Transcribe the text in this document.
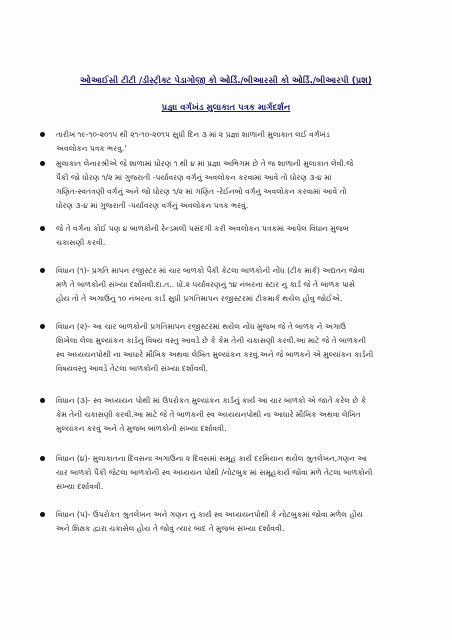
ઓઆઈસી ટીટી /ડીસ્ટ્રીક્ટ પેડાગોજી કો ઓર્ડિ./બીઆરસી કો ઓર્ડિ./બીઆરપી (પ્રશ)
પ્રજ્ઞા વર્ગખંડ મુલાકાત પત્રક માર્ગદર્શન
તારીખ ૧૯-૧૦-૨૦૧૫ થી ૨૧-૧૦-૨૦૧૫ સુધી દિન ૩ માં ૨ પ્રજ્ઞા શાળાની મુલાકાત લઈ વર્ગખંડ
અવલોકન પત્રક ભરવુ.'
મુલાકાત લેનારશ્રીએ જે શાળામાં ધોરણ ૧ થી ૪ માં પ્રજ્ઞા અભિગમ છે તે જ શાળાની મુલાકાત લેવી.જે
પૈકી જો ધોરણ ૧/૨ માં ગુજરાતી -પર્યાવરણ વર્ગનું અવલોકન કરવામાં આવે તો ધોરણ ૩-૪ માં
ગણિત-સ્વતંત્રણી વર્ગનું અને જો ધોરણ ૧/૨ માં ગણિત -રેઈનબો વર્ગનું અવલોકન કરવામાં આવે તો
ધોરણ ૩-૪ માં ગુજરાતી -પર્યાવરણ વર્ગનું અવલોકન પત્રક ભરવું.
જે તે વર્ગના કોઈ પણ ૪ બાળકોની રેન્ડમલી પસંદગી કરી અવલોકન પત્રકમાં આપેલ વિધાન મુજબ
ચકાસણી કરવી.
વિધાન (૧)- પ્રગતિ માપન રજીસ્ટર માં ચાર બાળકો પૈકી કેટલા બાળકોની નોંધ (ટીક માર્ક) અદ્યતન જોવા
મળે તે બાળકોની સંખ્યા દર્શાવવી.દા.ત.. ધો.૨ પર્યાવરણનું ૧૪ નંબરના સ્ટાર નું કાર્ડ જે તે બાળક પાસે
હોય તો તે અગાઉનું ૧૦ નંબરના કાર્ડ સુધી પ્રગતિમાપન રજીસ્ટરમાં ટીકમાર્ક થયેલ હોવુ જોઈએ.
વિધાન (૨)- આ ચાર બાળકોની પ્રગતિમાપન રજીસ્ટરમાં થયેલ નોંધ મુજબ જે તે બાળક ને અગાઉ
શિખેલા લેલા મુલ્યાંકન કાર્ડનું વિષય વસ્તુ આવડે છે કે કેમ તેની ચકાસણી કરવી.આ માટે જે તે બાળકની
સ્વ અધ્યયનપોથી ના આધારે મૌખિક અથવા લેખિત મુલ્યાંકન કરવું.અને જે બાળકને એ મુલ્યાંકન કાર્ડની
વિષયવસ્તુ આવડે તેટલા બાળકોની સંખ્યા દર્શાવવી.
વિધાન (૩)- સ્વ અધ્યયન પોથી માં ઉપરોકત મુલ્યાંકન કાર્ડનું કાર્ય આ ચાર બાળકો એ જાતે કરેલ છે કે
કેમ તેની ચકાસણી કરવી.આ માટે જે તે બાળકની સ્વ અધ્યયનપોથી ના આધારે મૌખિક અથવા લેખિત
મુલ્યાંકન કરવું અને તે મુજબ બાળકોની સંખ્યા દર્શાવવી.
વિધાન (૪)- મુલાકાતના દિવસના અગાઉના ૨ દિવસમાં સમૂહ કાર્ય દરમિયાન થયેલ શ્રુતલેખન,ગણન આ
ચાર બાળકો પૈકી જેટલા બાળકોની સ્વ અધ્યયન પોથી /નોટબુક માં સમૂહકાર્ય જોવા મળે તેટલા બાળકોની
સંખ્યા દર્શાવવી.
વિધાન (૫)- ઉપરોકત શ્રુતલેખન અને ગણન નું કાર્ય સ્વ અધ્યયનપોથી કે નોટબુકમાં જોવા મળેલ હોય
અને શિક્ષક દ્વારા ચકાસેલ હોય તે જોવું ત્યાર બાદ તે મુજબ સંખ્યા દર્શાવવી.
